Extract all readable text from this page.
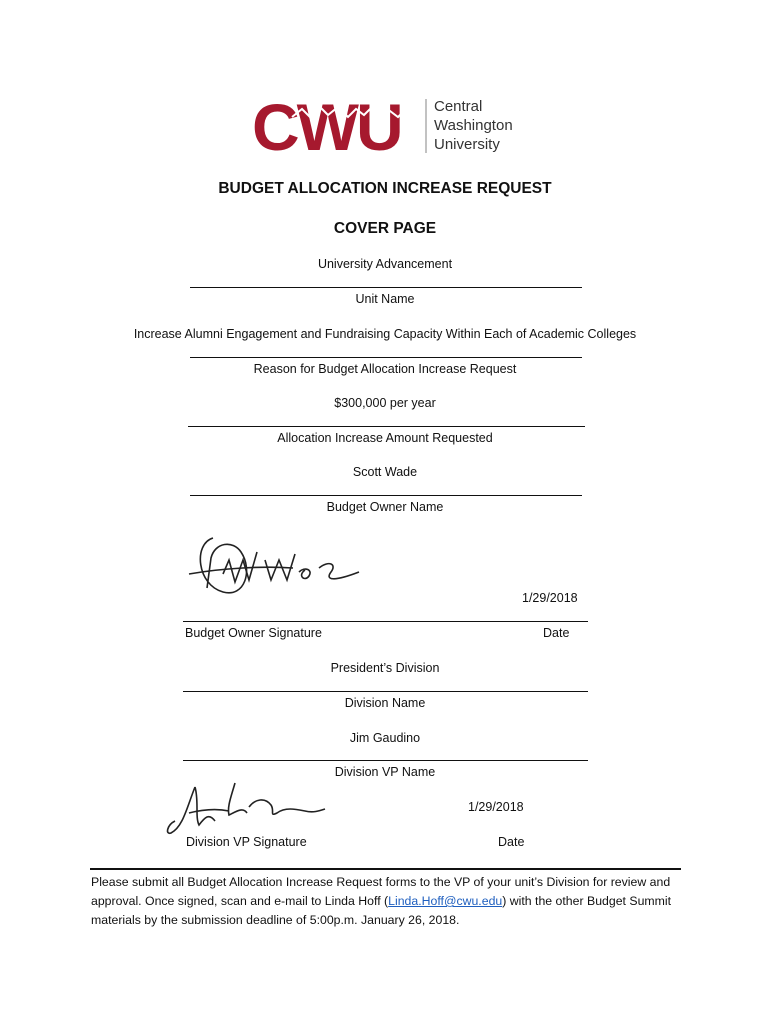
CWU Central
Washington
University
BUDGET ALLOCATION INCREASE REQUEST
COVER PAGE
University Advancement
Unit Name
Increase Alumni Engagement and Fundraising Capacity Within Each of Academic Colleges
Reason for Budget Allocation Increase Request
$300,000 per year
Allocation Increase Amount Requested
Scott Wade
Budget Owner Name
1/29/2018
Budget Owner Signature	Date
President’s Division
Division Name
Jim Gaudino
Division VP Name
1/29/2018
Division VP Signature	Date
Please submit all Budget Allocation Increase Request forms to the VP of your unit’s Division for review and approval. Once signed, scan and e-mail to Linda Hoff (Linda.Hoff@cwu.edu) with the other Budget Summit materials by the submission deadline of 5:00p.m. January 26, 2018.
